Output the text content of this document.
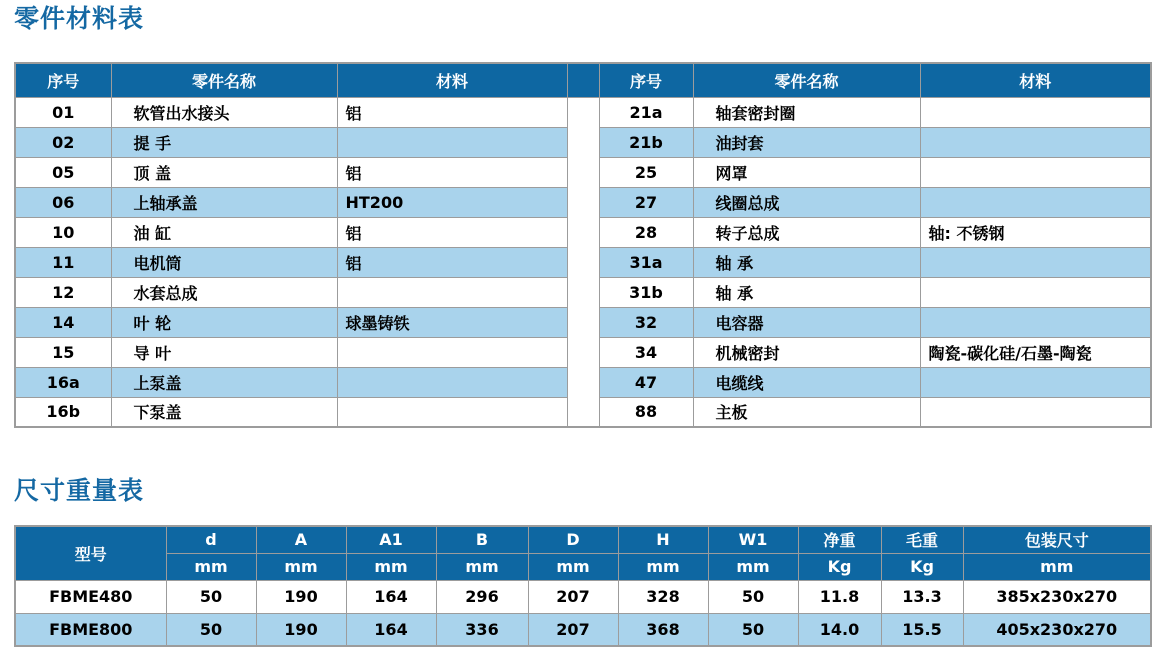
零件材料表
序号	零件名称	材料		序号	零件名称	材料
01	软管出水接头	铝		21a	轴套密封圈	
02	提 手			21b	油封套	
05	顶 盖	铝		25	网罩	
06	上轴承盖	HT200		27	线圈总成	
10	油 缸	铝		28	转子总成	轴: 不锈钢
11	电机筒	铝		31a	轴 承	
12	水套总成			31b	轴 承	
14	叶 轮	球墨铸铁		32	电容器	
15	导 叶			34	机械密封	陶瓷-碳化硅/石墨-陶瓷
16a	上泵盖			47	电缆线	
16b	下泵盖			88	主板	
尺寸重量表
型号	d	A	A1	B	D	H	W1	净重	毛重	包装尺寸
	mm	mm	mm	mm	mm	mm	mm	Kg	Kg	mm
FBME480	50	190	164	296	207	328	50	11.8	13.3	385x230x270
FBME800	50	190	164	336	207	368	50	14.0	15.5	405x230x270
